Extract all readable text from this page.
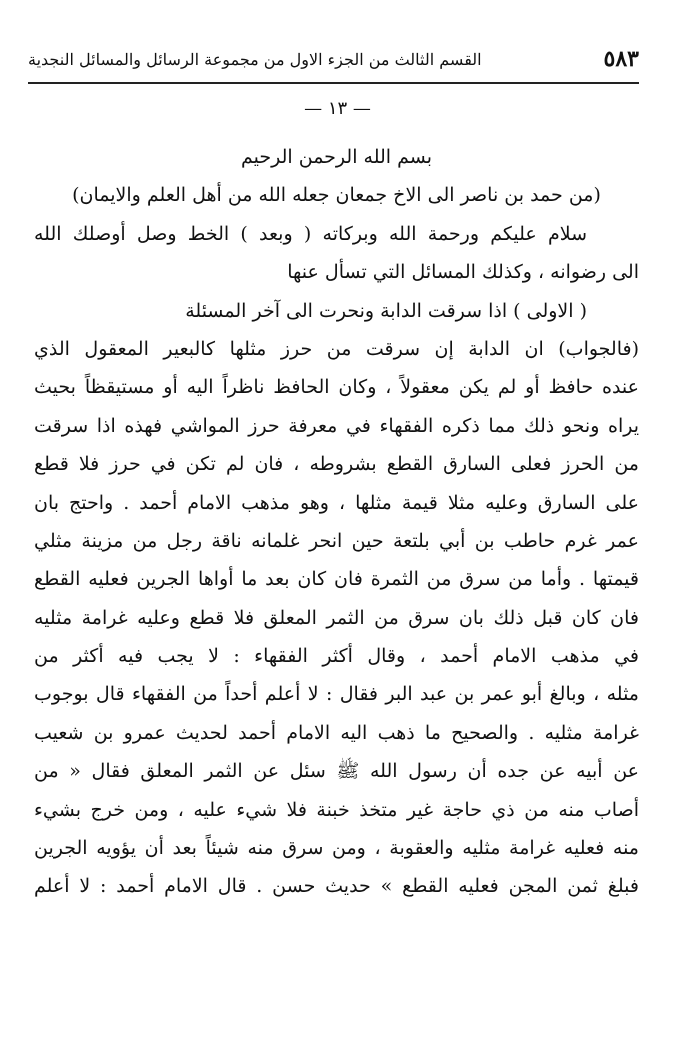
٥٨٣
القسم الثالث من الجزء الاول من مجموعة الرسائل والمسائل النجدية
— ١٣ —
بسم الله الرحمن الرحيم
(من حمد بن ناصر الى الاخ جمعان جعله الله من أهل العلم والايمان)
سلام عليكم ورحمة الله وبركاته ( وبعد ) الخط وصل أوصلك الله
الى رضوانه ، وكذلك المسائل التي تسأل عنها
( الاولى ) اذا سرقت الدابة ونحرت الى آخر المسئلة
(فالجواب) ان الدابة إن سرقت من حرز مثلها كالبعير المعقول الذي
عنده حافظ أو لم يكن معقولاً ، وكان الحافظ ناظراً اليه أو مستيقظاً بحيث
يراه ونحو ذلك مما ذكره الفقهاء في معرفة حرز المواشي فهذه اذا سرقت
من الحرز فعلى السارق القطع بشروطه ، فان لم تكن في حرز فلا قطع
على السارق وعليه مثلا قيمة مثلها ، وهو مذهب الامام أحمد . واحتج بان
عمر غرم حاطب بن أبي بلتعة حين انحر غلمانه ناقة رجل من مزينة مثلي
قيمتها . وأما من سرق من الثمرة فان كان بعد ما أواها الجرين فعليه القطع
فان كان قبل ذلك بان سرق من الثمر المعلق فلا قطع وعليه غرامة مثليه
في مذهب الامام أحمد ، وقال أكثر الفقهاء : لا يجب فيه أكثر من
مثله ، وبالغ أبو عمر بن عبد البر فقال : لا أعلم أحداً من الفقهاء قال بوجوب
غرامة مثليه . والصحيح ما ذهب اليه الامام أحمد لحديث عمرو بن شعيب
عن أبيه عن جده أن رسول الله ﷺ سئل عن الثمر المعلق فقال « من
أصاب منه من ذي حاجة غير متخذ خبنة فلا شيء عليه ، ومن خرج بشيء
منه فعليه غرامة مثليه والعقوبة ، ومن سرق منه شيئاً بعد أن يؤويه الجرين
فبلغ ثمن المجن فعليه القطع » حديث حسن . قال الامام أحمد : لا أعلم
